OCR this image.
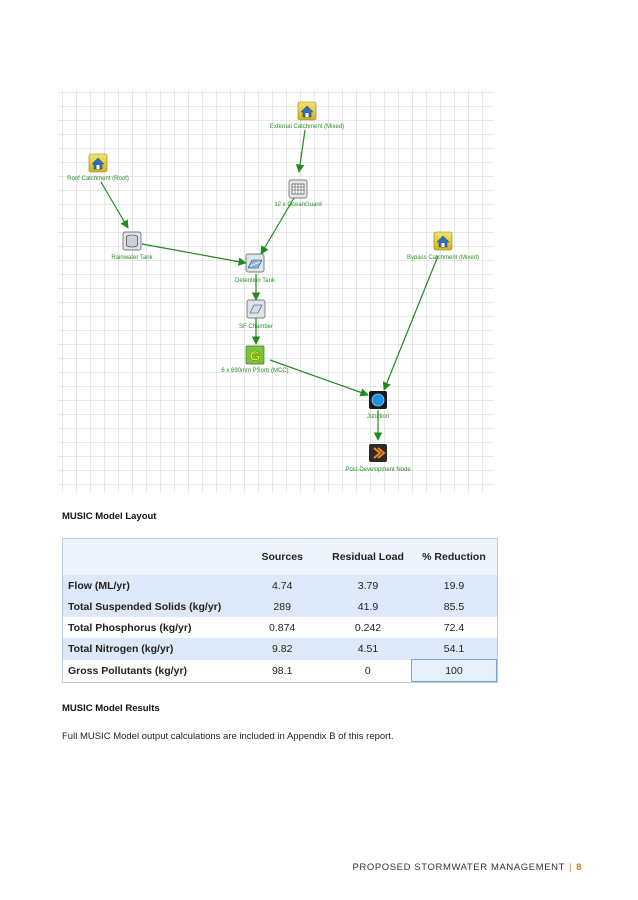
G
External Catchment (Mixed)
Roof Catchment (Roof)
12 x OceanGuard
Rainwater Tank
Detention Tank
Bypass Catchment (Mixed)
SF Chamber
6 x 690mm PSorb (MCC)
Junction
Post-Development Node
MUSIC Model Layout
	Sources	Residual Load	% Reduction
Flow (ML/yr)	4.74	3.79	19.9
Total Suspended Solids (kg/yr)	289	41.9	85.5
Total Phosphorus (kg/yr)	0.874	0.242	72.4
Total Nitrogen (kg/yr)	9.82	4.51	54.1
Gross Pollutants (kg/yr)	98.1	0	100
MUSIC Model Results
Full MUSIC Model output calculations are included in Appendix B of this report.
PROPOSED STORMWATER MANAGEMENT | 8
